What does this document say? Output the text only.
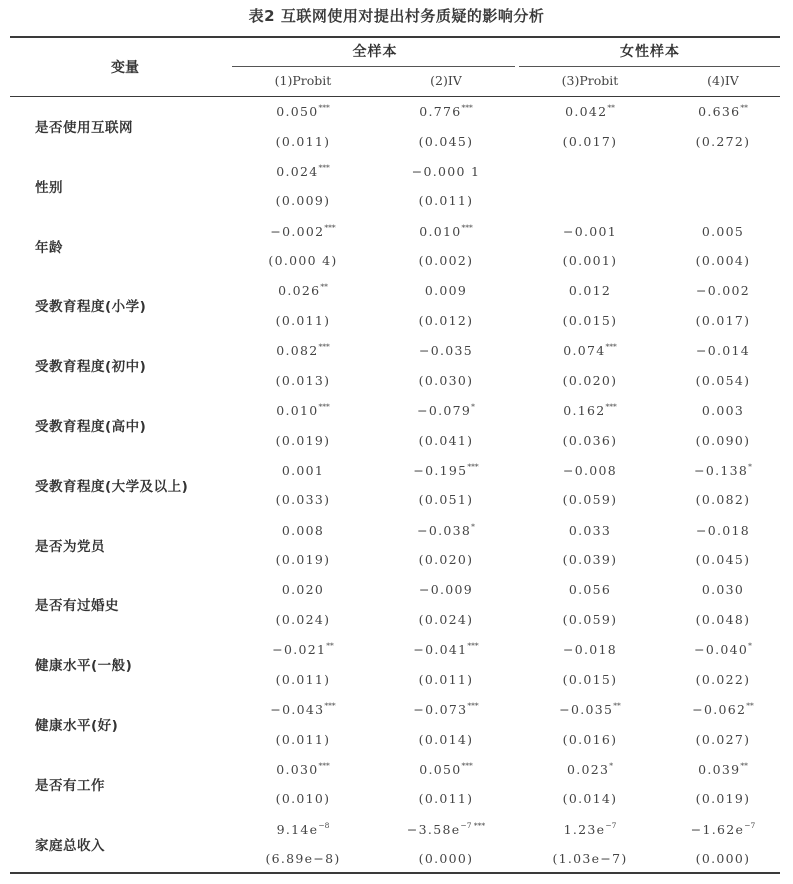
表2 互联网使用对提出村务质疑的影响分析
变量
全样本	女性样本
(1)Probit	(2)IV	(3)Probit	(4)IV
是否使用互联网
0.050***	0.776***	0.042**	0.636**
(0.011)	(0.045)	(0.017)	(0.272)
性别
0.024***	−0.000 1
(0.009)	(0.011)
年龄
−0.002***	0.010***	−0.001	0.005
(0.000 4)	(0.002)	(0.001)	(0.004)
受教育程度(小学)
0.026**	0.009	0.012	−0.002
(0.011)	(0.012)	(0.015)	(0.017)
受教育程度(初中)
0.082***	−0.035	0.074***	−0.014
(0.013)	(0.030)	(0.020)	(0.054)
受教育程度(高中)
0.010***	−0.079*	0.162***	0.003
(0.019)	(0.041)	(0.036)	(0.090)
受教育程度(大学及以上)
0.001	−0.195***	−0.008	−0.138*
(0.033)	(0.051)	(0.059)	(0.082)
是否为党员
0.008	−0.038*	0.033	−0.018
(0.019)	(0.020)	(0.039)	(0.045)
是否有过婚史
0.020	−0.009	0.056	0.030
(0.024)	(0.024)	(0.059)	(0.048)
健康水平(一般)
−0.021**	−0.041***	−0.018	−0.040*
(0.011)	(0.011)	(0.015)	(0.022)
健康水平(好)
−0.043***	−0.073***	−0.035**	−0.062**
(0.011)	(0.014)	(0.016)	(0.027)
是否有工作
0.030***	0.050***	0.023*	0.039**
(0.010)	(0.011)	(0.014)	(0.019)
家庭总收入
$9.14e^{-8}$	$-3.58e^{-7 ***}$	$1.23e^{-7}$	$-1.62e^{-7}$
(6.89e−8)	(0.000)	(1.03e−7)	(0.000)
